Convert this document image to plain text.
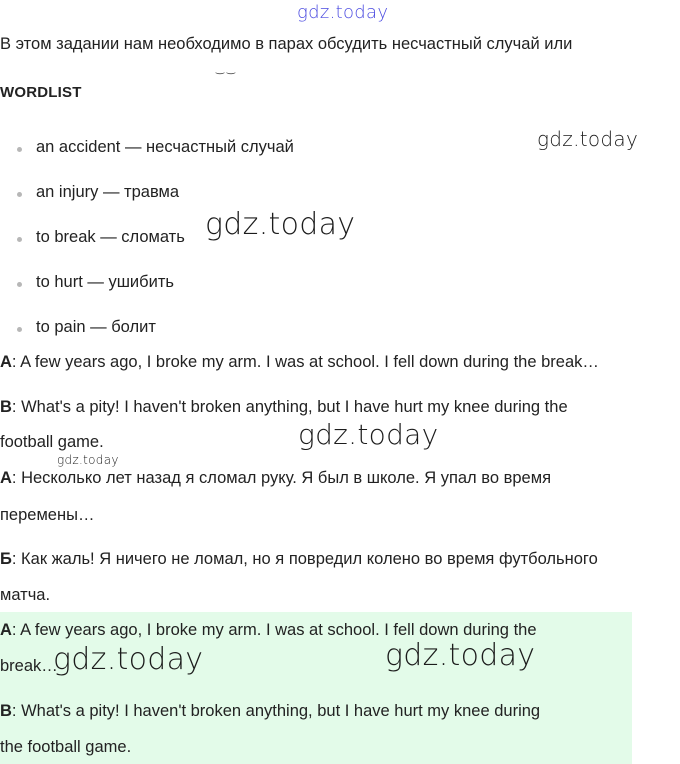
gdz.today
В этом задании нам необходимо в парах обсудить несчастный случай или
‿ ‿
WORDLIST
an accident — несчастный случай
an injury — травма
to break — сломать
to hurt — ушибить
to pain — болит
A: A few years ago, I broke my arm. I was at school. I fell down during the break…
B: What's a pity! I haven't broken anything, but I have hurt my knee during the
football game.
А: Несколько лет назад я сломал руку. Я был в школе. Я упал во время
перемены…
Б: Как жаль! Я ничего не ломал, но я повредил колено во время футбольного
матча.
A: A few years ago, I broke my arm. I was at school. I fell down during the
break…
B: What's a pity! I haven't broken anything, but I have hurt my knee during
the football game.
gdz.today
gdz.today
gdz.today
gdz.today
gdz.today	gdz.today
